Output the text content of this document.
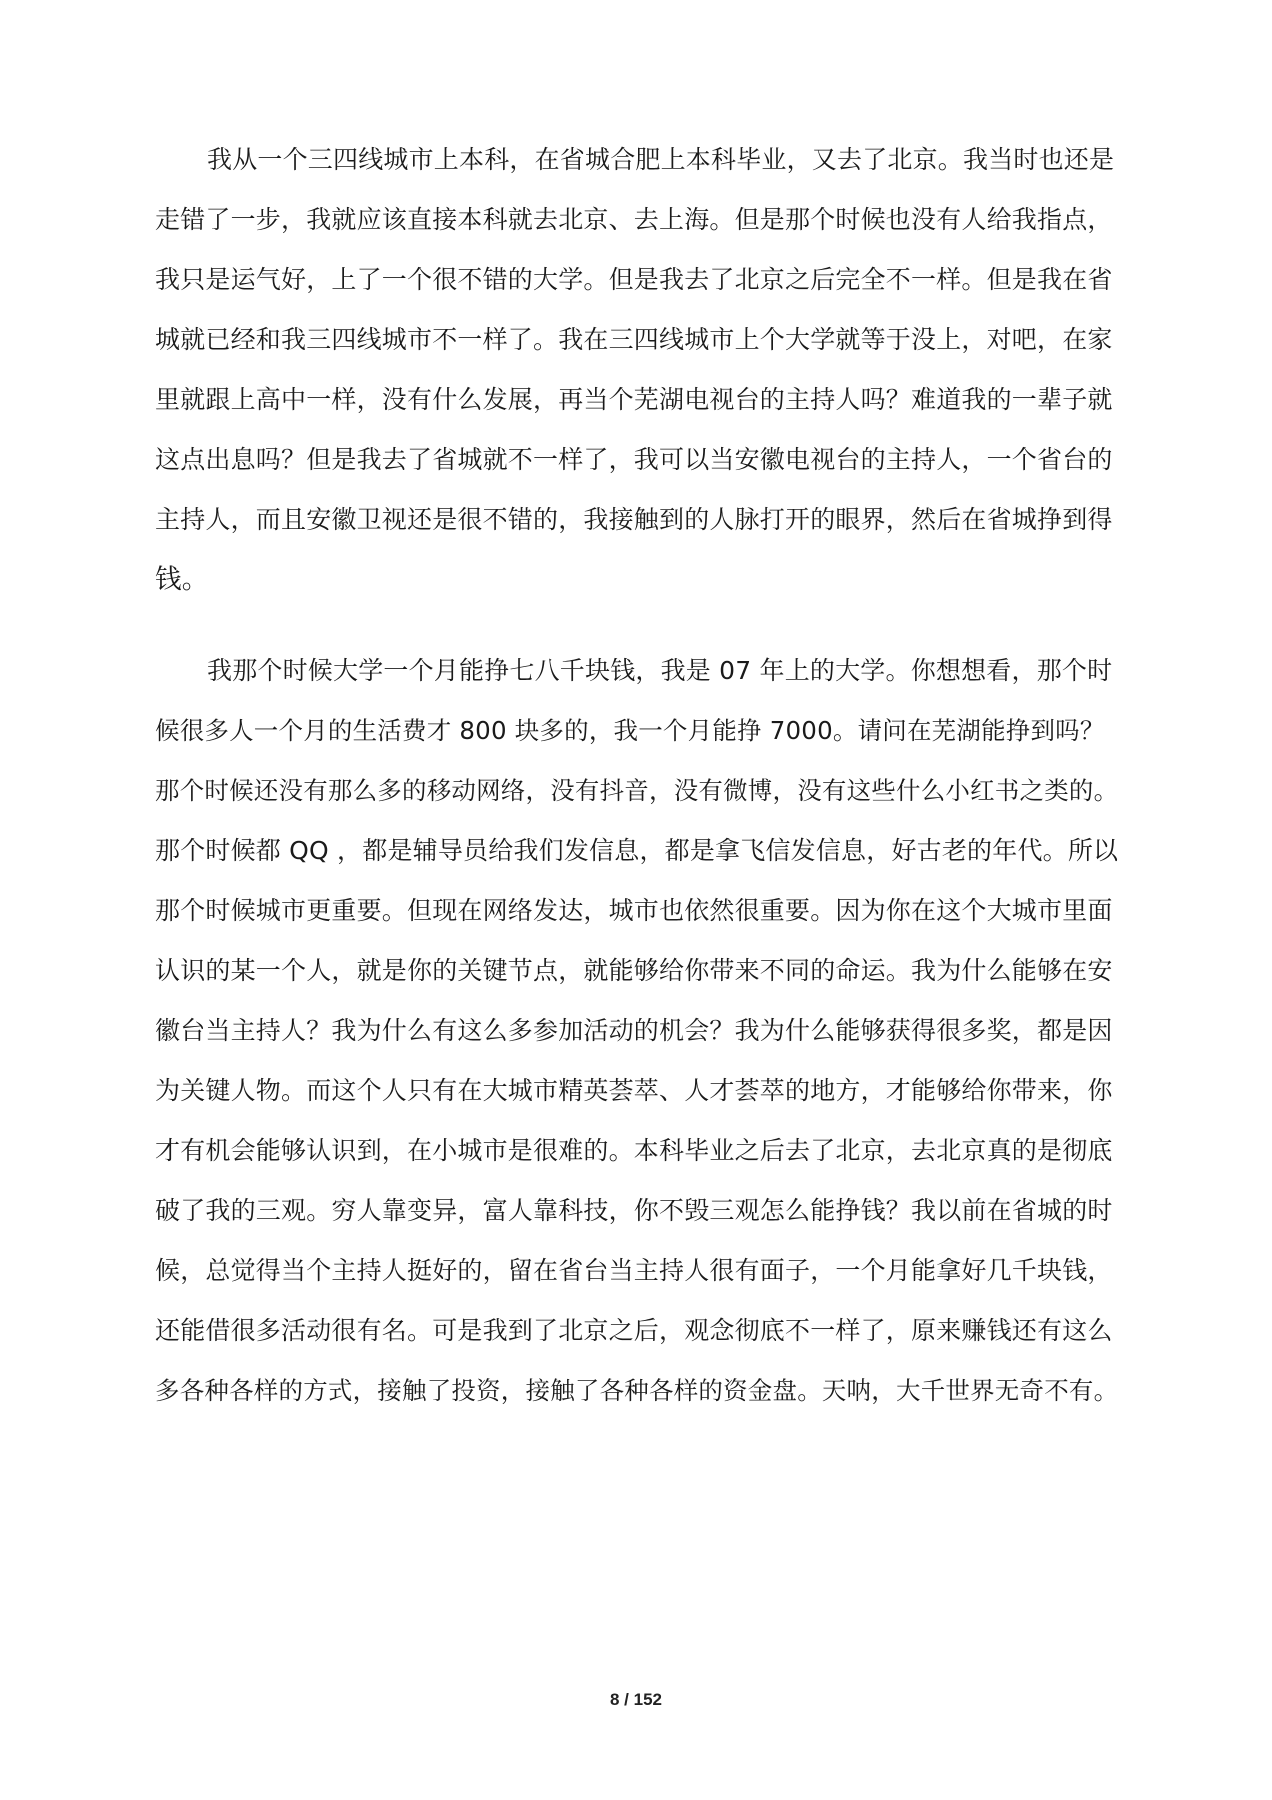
我从一个三四线城市上本科，在省城合肥上本科毕业，又去了北京。我当时也还是
走错了一步，我就应该直接本科就去北京、去上海。但是那个时候也没有人给我指点，
我只是运气好，上了一个很不错的大学。但是我去了北京之后完全不一样。但是我在省
城就已经和我三四线城市不一样了。我在三四线城市上个大学就等于没上，对吧，在家
里就跟上高中一样，没有什么发展，再当个芜湖电视台的主持人吗？难道我的一辈子就
这点出息吗？但是我去了省城就不一样了，我可以当安徽电视台的主持人，一个省台的
主持人，而且安徽卫视还是很不错的，我接触到的人脉打开的眼界，然后在省城挣到得
钱。
我那个时候大学一个月能挣七八千块钱，我是 07 年上的大学。你想想看，那个时
候很多人一个月的生活费才 800 块多的，我一个月能挣 7000。请问在芜湖能挣到吗？
那个时候还没有那么多的移动网络，没有抖音，没有微博，没有这些什么小红书之类的。
那个时候都 QQ ，都是辅导员给我们发信息，都是拿飞信发信息，好古老的年代。所以
那个时候城市更重要。但现在网络发达，城市也依然很重要。因为你在这个大城市里面
认识的某一个人，就是你的关键节点，就能够给你带来不同的命运。我为什么能够在安
徽台当主持人？我为什么有这么多参加活动的机会？我为什么能够获得很多奖，都是因
为关键人物。而这个人只有在大城市精英荟萃、人才荟萃的地方，才能够给你带来，你
才有机会能够认识到，在小城市是很难的。本科毕业之后去了北京，去北京真的是彻底
破了我的三观。穷人靠变异，富人靠科技，你不毁三观怎么能挣钱？我以前在省城的时
候，总觉得当个主持人挺好的，留在省台当主持人很有面子，一个月能拿好几千块钱，
还能借很多活动很有名。可是我到了北京之后，观念彻底不一样了，原来赚钱还有这么
多各种各样的方式，接触了投资，接触了各种各样的资金盘。天呐，大千世界无奇不有。
8 / 152
